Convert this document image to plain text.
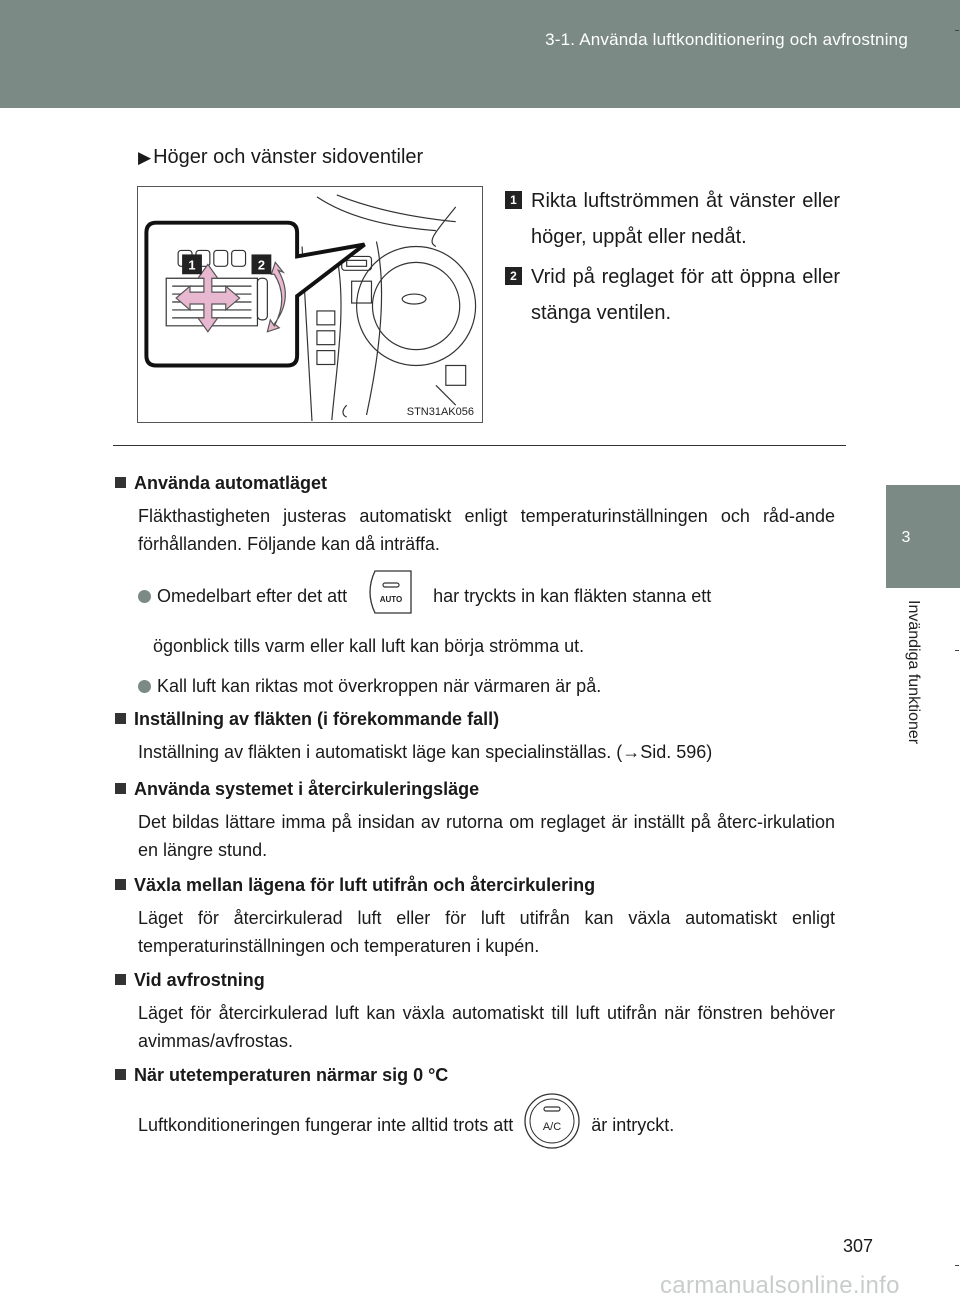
3-1. Använda luftkonditionering och avfrostning
3
Invändiga funktioner
▶ Höger och vänster sidoventiler
1	2
STN31AK056
1 Rikta luftströmmen åt vänster eller höger, uppåt eller nedåt.
2 Vrid på reglaget för att öppna eller stänga ventilen.

Använda automatläget

Fläkthastigheten justeras automatiskt enligt temperaturinställningen och råd-ande förhållanden. Följande kan då inträffa.
Omedelbart efter det att	AUTO har tryckts in kan fläkten stanna ett
ögonblick tills varm eller kall luft kan börja strömma ut.
Kall luft kan riktas mot överkroppen när värmaren är på.

Inställning av fläkten (i förekommande fall)

Inställning av fläkten i automatiskt läge kan specialinställas. (→Sid. 596)

Använda systemet i återcirkuleringsläge

Det bildas lättare imma på insidan av rutorna om reglaget är inställt på återc-irkulation en längre stund.

Växla mellan lägena för luft utifrån och återcirkulering

Läget för återcirkulerad luft eller för luft utifrån kan växla automatiskt enligt temperaturinställningen och temperaturen i kupén.

Vid avfrostning

Läget för återcirkulerad luft kan växla automatiskt till luft utifrån när fönstren behöver avimmas/avfrostas.

När utetemperaturen närmar sig 0 °C

Luftkonditioneringen fungerar inte alltid trots att	A/C är intryckt.
307
carmanualsonline.info
